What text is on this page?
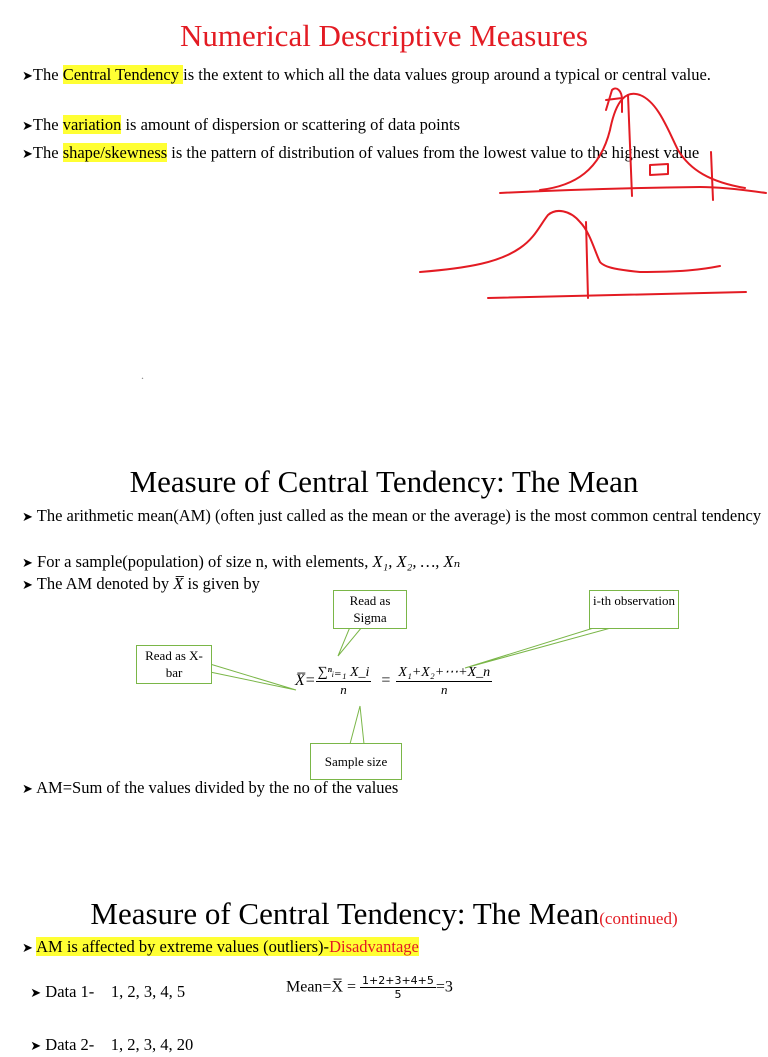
Numerical Descriptive Measures
➤The Central Tendency is the extent to which all the data values group around a typical or central value.
➤The variation is amount of dispersion or scattering of data points
➤The shape/skewness is the pattern of distribution of values from the lowest value to the highest value
.
Measure of Central Tendency: The Mean
➤ The arithmetic mean(AM) (often just called as the mean or the average) is the most common central tendency
➤ For a sample(population) of size n, with elements, X₁, X₂, …, Xₙ
➤ The AM denoted by X̅ is given by
Read as Sigma
Read as X-bar
i-th observation
Sample size
X̅= $\frac{\text{∑ⁿᵢ₌₁ X\_i}}{n} = \frac{\text{X₁+X₂+⋯+X\_n}}{n}$
➤ AM=Sum of the values divided by the no of the values
Measure of Central Tendency: The Mean(continued)
➤ AM is affected by extreme values (outliers)-Disadvantage

➤ Data 1- 1, 2, 3, 4, 5	Mean=X̅ = $\frac{1+2+3+4+5}{5} =3$

➤ Data 2-    1, 2, 3, 4, 20
